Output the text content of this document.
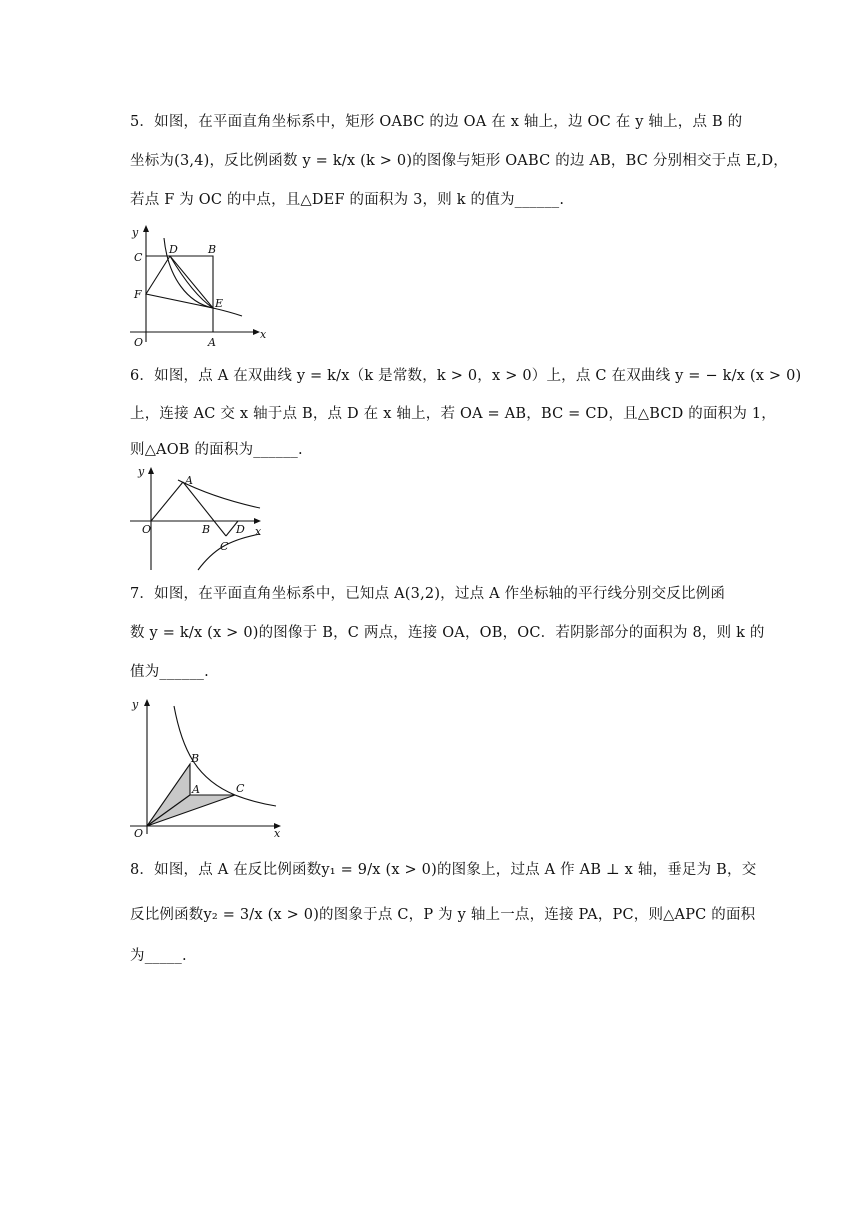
5．如图，在平面直角坐标系中，矩形 OABC 的边 OA 在 x 轴上，边 OC 在 y 轴上，点 B 的
坐标为(3,4)，反比例函数 y = k/x (k > 0)的图像与矩形 OABC 的边 AB，BC 分别相交于点 E,D，
若点 F 为 OC 的中点，且△DEF 的面积为 3，则 k 的值为______.
y
x
O	A
B
C
D
E
F
6．如图，点 A 在双曲线 y = k/x（k 是常数，k > 0，x > 0）上，点 C 在双曲线 y = − k/x (x > 0)
上，连接 AC 交 x 轴于点 B，点 D 在 x 轴上，若 OA = AB，BC = CD，且△BCD 的面积为 1，
则△AOB 的面积为______.
y
x
O
A
B
C
D
7．如图，在平面直角坐标系中，已知点 A(3,2)，过点 A 作坐标轴的平行线分别交反比例函
数 y = k/x (x > 0)的图像于 B，C 两点，连接 OA，OB，OC．若阴影部分的面积为 8，则 k 的
值为______.
y
x
O
A
B
C
8．如图，点 A 在反比例函数y₁ = 9/x (x > 0)的图象上，过点 A 作 AB ⊥ x 轴，垂足为 B，交
反比例函数y₂ = 3/x (x > 0)的图象于点 C，P 为 y 轴上一点，连接 PA，PC，则△APC 的面积
为_____.
